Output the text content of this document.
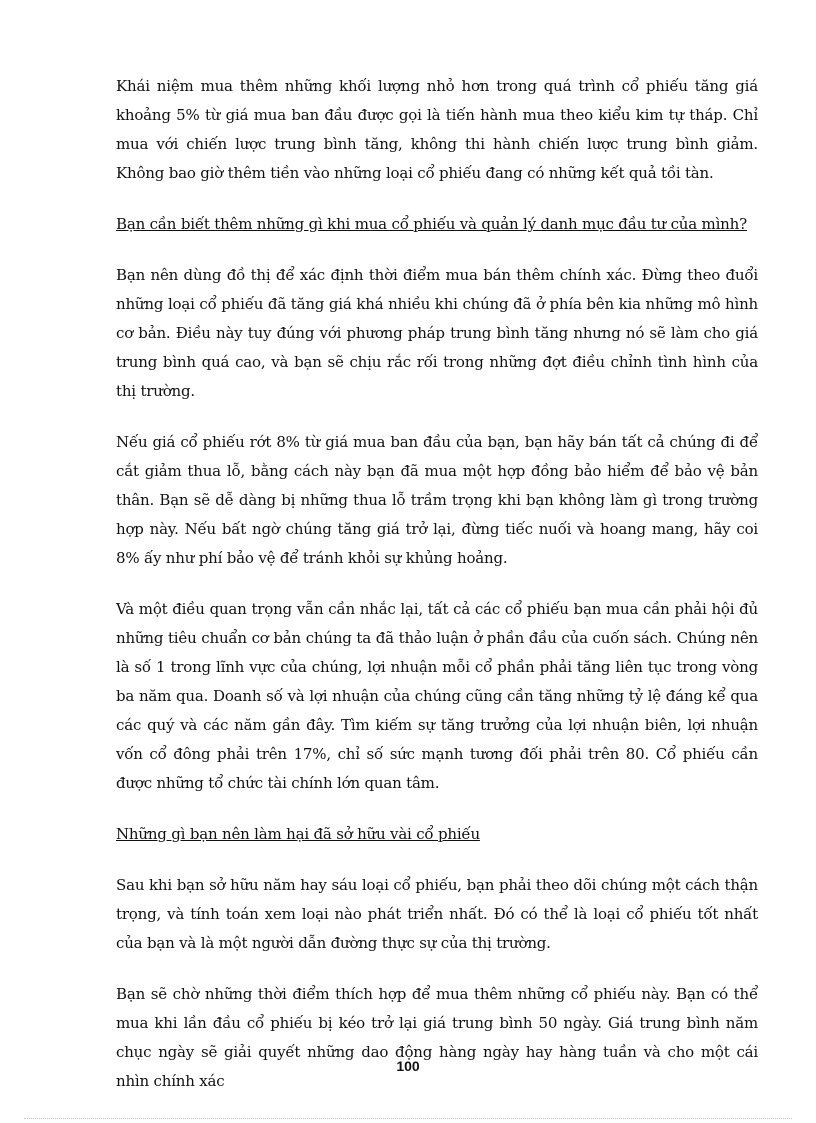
Khái niệm mua thêm những khối lượng nhỏ hơn trong quá trình cổ phiếu tăng giá khoảng 5% từ giá mua ban đầu được gọi là tiến hành mua theo kiểu kim tự tháp. Chỉ mua với chiến lược trung bình tăng, không thi hành chiến lược trung bình giảm. Không bao giờ thêm tiền vào những loại cổ phiếu đang có những kết quả tồi tàn.

Bạn cần biết thêm những gì khi mua cổ phiếu và quản lý danh mục đầu tư của mình?

Bạn nên dùng đồ thị để xác định thời điểm mua bán thêm chính xác. Đừng theo đuổi những loại cổ phiếu đã tăng giá khá nhiều khi chúng đã ở phía bên kia những mô hình cơ bản. Điều này tuy đúng với phương pháp trung bình tăng nhưng nó sẽ làm cho giá trung bình quá cao, và bạn sẽ chịu rắc rối trong những đợt điều chỉnh tình hình của thị trường.

Nếu giá cổ phiếu rớt 8% từ giá mua ban đầu của bạn, bạn hãy bán tất cả chúng đi để cắt giảm thua lỗ, bằng cách này bạn đã mua một hợp đồng bảo hiểm để bảo vệ bản thân. Bạn sẽ dễ dàng bị những thua lỗ trầm trọng khi bạn không làm gì trong trường hợp này. Nếu bất ngờ chúng tăng giá trở lại, đừng tiếc nuối và hoang mang, hãy coi 8% ấy như phí bảo vệ để tránh khỏi sự khủng hoảng.

Và một điều quan trọng vẫn cần nhắc lại, tất cả các cổ phiếu bạn mua cần phải hội đủ những tiêu chuẩn cơ bản chúng ta đã thảo luận ở phần đầu của cuốn sách. Chúng nên là số 1 trong lĩnh vực của chúng, lợi nhuận mỗi cổ phần phải tăng liên tục trong vòng ba năm qua. Doanh số và lợi nhuận của chúng cũng cần tăng những tỷ lệ đáng kể qua các quý và các năm gần đây. Tìm kiếm sự tăng trưởng của lợi nhuận biên, lợi nhuận vốn cổ đông phải trên 17%, chỉ số sức mạnh tương đối phải trên 80. Cổ phiếu cần được những tổ chức tài chính lớn quan tâm.

Những gì bạn nên làm hại đã sở hữu vài cổ phiếu

Sau khi bạn sở hữu năm hay sáu loại cổ phiếu, bạn phải theo dõi chúng một cách thận trọng, và tính toán xem loại nào phát triển nhất. Đó có thể là loại cổ phiếu tốt nhất của bạn và là một người dẫn đường thực sự của thị trường.

Bạn sẽ chờ những thời điểm thích hợp để mua thêm những cổ phiếu này. Bạn có thể mua khi lần đầu cổ phiếu bị kéo trở lại giá trung bình 50 ngày. Giá trung bình năm chục ngày sẽ giải quyết những dao động hàng ngày hay hàng tuần và cho một cái nhìn chính xác

100
